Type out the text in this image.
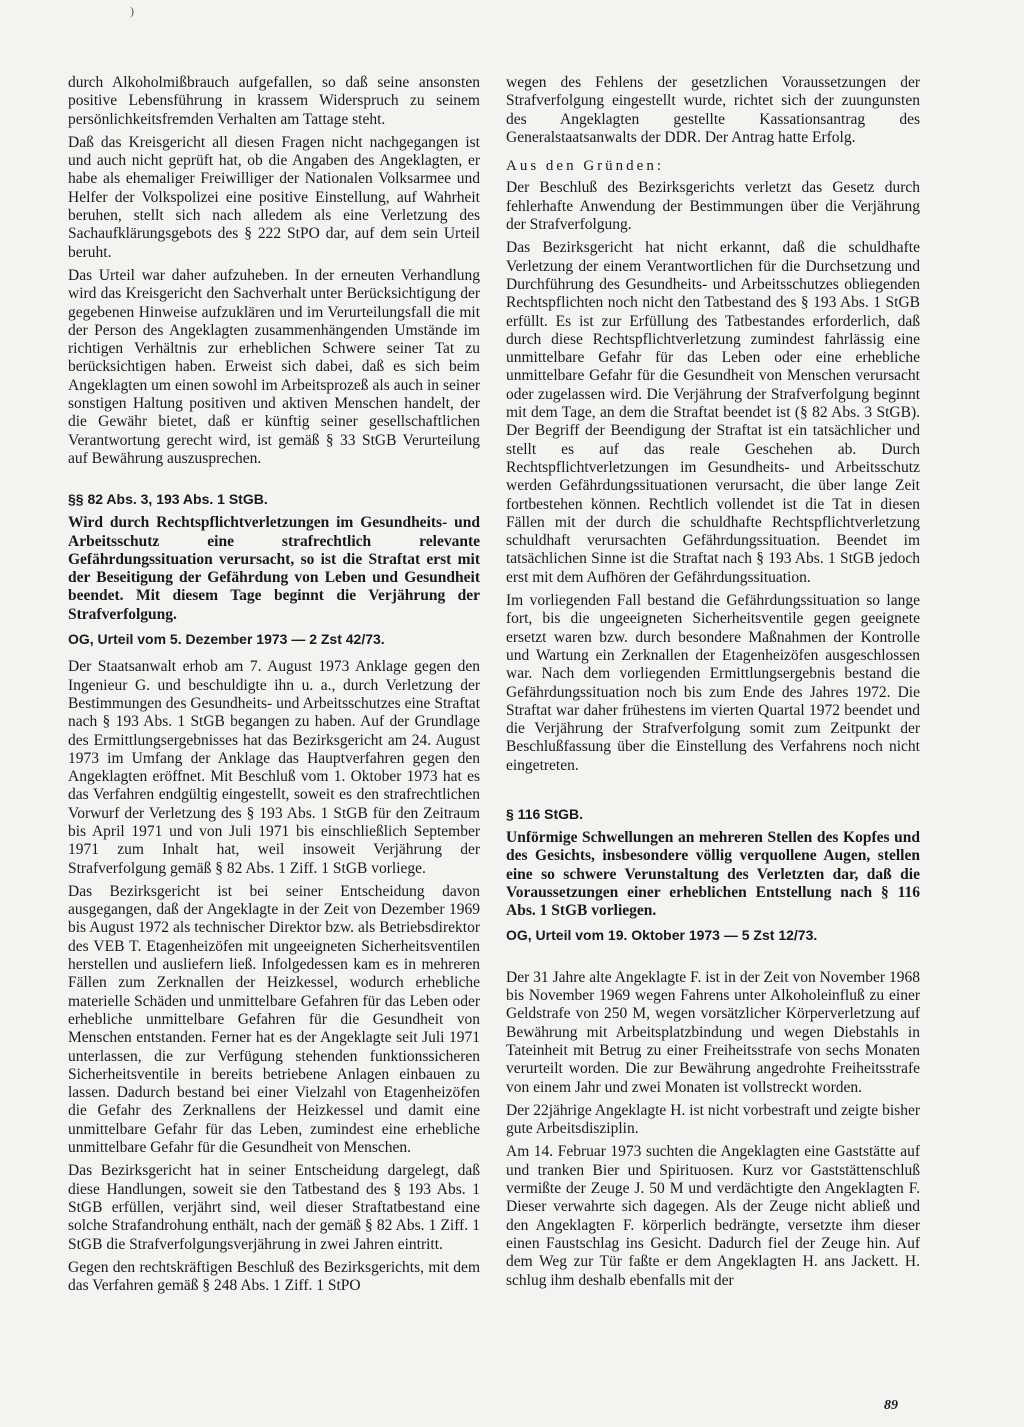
)

durch Alkoholmißbrauch aufgefallen, so daß seine ansonsten positive Lebensführung in krassem Widerspruch zu seinem persönlichkeitsfremden Verhalten am Tattage steht.

Daß das Kreisgericht all diesen Fragen nicht nachgegangen ist und auch nicht geprüft hat, ob die Angaben des Angeklagten, er habe als ehemaliger Freiwilliger der Nationalen Volksarmee und Helfer der Volkspolizei eine positive Einstellung, auf Wahrheit beruhen, stellt sich nach alledem als eine Verletzung des Sachaufklärungsgebots des § 222 StPO dar, auf dem sein Urteil beruht.

Das Urteil war daher aufzuheben. In der erneuten Verhandlung wird das Kreisgericht den Sachverhalt unter Berücksichtigung der gegebenen Hinweise aufzuklären und im Verurteilungsfall die mit der Person des Angeklagten zusammenhängenden Umstände im richtigen Verhältnis zur erheblichen Schwere seiner Tat zu berücksichtigen haben. Erweist sich dabei, daß es sich beim Angeklagten um einen sowohl im Arbeitsprozeß als auch in seiner sonstigen Haltung positiven und aktiven Menschen handelt, der die Gewähr bietet, daß er künftig seiner gesellschaftlichen Verantwortung gerecht wird, ist gemäß § 33 StGB Verurteilung auf Bewährung auszusprechen.

§§ 82 Abs. 3, 193 Abs. 1 StGB.

Wird durch Rechtspflichtverletzungen im Gesundheits- und Arbeitsschutz eine strafrechtlich relevante Gefährdungssituation verursacht, so ist die Straftat erst mit der Beseitigung der Gefährdung von Leben und Gesundheit beendet. Mit diesem Tage beginnt die Verjährung der Strafverfolgung.

OG, Urteil vom 5. Dezember 1973 — 2 Zst 42/73.

Der Staatsanwalt erhob am 7. August 1973 Anklage gegen den Ingenieur G. und beschuldigte ihn u. a., durch Verletzung der Bestimmungen des Gesundheits- und Arbeitsschutzes eine Straftat nach § 193 Abs. 1 StGB begangen zu haben. Auf der Grundlage des Ermittlungsergebnisses hat das Bezirksgericht am 24. August 1973 im Umfang der Anklage das Hauptverfahren gegen den Angeklagten eröffnet. Mit Beschluß vom 1. Oktober 1973 hat es das Verfahren endgültig eingestellt, soweit es den strafrechtlichen Vorwurf der Verletzung des § 193 Abs. 1 StGB für den Zeitraum bis April 1971 und von Juli 1971 bis einschließlich September 1971 zum Inhalt hat, weil insoweit Verjährung der Strafverfolgung gemäß § 82 Abs. 1 Ziff. 1 StGB vorliege.

Das Bezirksgericht ist bei seiner Entscheidung davon ausgegangen, daß der Angeklagte in der Zeit von Dezember 1969 bis August 1972 als technischer Direktor bzw. als Betriebsdirektor des VEB T. Etagenheizöfen mit ungeeigneten Sicherheitsventilen herstellen und ausliefern ließ. Infolgedessen kam es in mehreren Fällen zum Zerknallen der Heizkessel, wodurch erhebliche materielle Schäden und unmittelbare Gefahren für das Leben oder erhebliche unmittelbare Gefahren für die Gesundheit von Menschen entstanden. Ferner hat es der Angeklagte seit Juli 1971 unterlassen, die zur Verfügung stehenden funktionssicheren Sicherheitsventile in bereits betriebene Anlagen einbauen zu lassen. Dadurch bestand bei einer Vielzahl von Etagenheizöfen die Gefahr des Zerknallens der Heizkessel und damit eine unmittelbare Gefahr für das Leben, zumindest eine erhebliche unmittelbare Gefahr für die Gesundheit von Menschen.

Das Bezirksgericht hat in seiner Entscheidung dargelegt, daß diese Handlungen, soweit sie den Tatbestand des § 193 Abs. 1 StGB erfüllen, verjährt sind, weil dieser Straftatbestand eine solche Strafandrohung enthält, nach der gemäß § 82 Abs. 1 Ziff. 1 StGB die Strafverfolgungsverjährung in zwei Jahren eintritt.

Gegen den rechtskräftigen Beschluß des Bezirksgerichts, mit dem das Verfahren gemäß § 248 Abs. 1 Ziff. 1 StPO

wegen des Fehlens der gesetzlichen Voraussetzungen der Strafverfolgung eingestellt wurde, richtet sich der zuungunsten des Angeklagten gestellte Kassationsantrag des Generalstaatsanwalts der DDR. Der Antrag hatte Erfolg.

Aus den Gründen:

Der Beschluß des Bezirksgerichts verletzt das Gesetz durch fehlerhafte Anwendung der Bestimmungen über die Verjährung der Strafverfolgung.

Das Bezirksgericht hat nicht erkannt, daß die schuldhafte Verletzung der einem Verantwortlichen für die Durchsetzung und Durchführung des Gesundheits- und Arbeitsschutzes obliegenden Rechtspflichten noch nicht den Tatbestand des § 193 Abs. 1 StGB erfüllt. Es ist zur Erfüllung des Tatbestandes erforderlich, daß durch diese Rechtspflichtverletzung zumindest fahrlässig eine unmittelbare Gefahr für das Leben oder eine erhebliche unmittelbare Gefahr für die Gesundheit von Menschen verursacht oder zugelassen wird. Die Verjährung der Strafverfolgung beginnt mit dem Tage, an dem die Straftat beendet ist (§ 82 Abs. 3 StGB). Der Begriff der Beendigung der Straftat ist ein tatsächlicher und stellt es auf das reale Geschehen ab. Durch Rechtspflichtverletzungen im Gesundheits- und Arbeitsschutz werden Gefährdungssituationen verursacht, die über lange Zeit fortbestehen können. Rechtlich vollendet ist die Tat in diesen Fällen mit der durch die schuldhafte Rechtspflichtverletzung schuldhaft verursachten Gefährdungssituation. Beendet im tatsächlichen Sinne ist die Straftat nach § 193 Abs. 1 StGB jedoch erst mit dem Aufhören der Gefährdungssituation.

Im vorliegenden Fall bestand die Gefährdungssituation so lange fort, bis die ungeeigneten Sicherheitsventile gegen geeignete ersetzt waren bzw. durch besondere Maßnahmen der Kontrolle und Wartung ein Zerknallen der Etagenheizöfen ausgeschlossen war. Nach dem vorliegenden Ermittlungsergebnis bestand die Gefährdungssituation noch bis zum Ende des Jahres 1972. Die Straftat war daher frühestens im vierten Quartal 1972 beendet und die Verjährung der Strafverfolgung somit zum Zeitpunkt der Beschlußfassung über die Einstellung des Verfahrens noch nicht eingetreten.

§ 116 StGB.

Unförmige Schwellungen an mehreren Stellen des Kopfes und des Gesichts, insbesondere völlig verquollene Augen, stellen eine so schwere Verunstaltung des Verletzten dar, daß die Voraussetzungen einer erheblichen Entstellung nach § 116 Abs. 1 StGB vorliegen.

OG, Urteil vom 19. Oktober 1973 — 5 Zst 12/73.

Der 31 Jahre alte Angeklagte F. ist in der Zeit von November 1968 bis November 1969 wegen Fahrens unter Alkoholeinfluß zu einer Geldstrafe von 250 M, wegen vorsätzlicher Körperverletzung auf Bewährung mit Arbeitsplatzbindung und wegen Diebstahls in Tateinheit mit Betrug zu einer Freiheitsstrafe von sechs Monaten verurteilt worden. Die zur Bewährung angedrohte Freiheitsstrafe von einem Jahr und zwei Monaten ist vollstreckt worden.

Der 22jährige Angeklagte H. ist nicht vorbestraft und zeigte bisher gute Arbeitsdisziplin.

Am 14. Februar 1973 suchten die Angeklagten eine Gaststätte auf und tranken Bier und Spirituosen. Kurz vor Gaststättenschluß vermißte der Zeuge J. 50 M und verdächtigte den Angeklagten F. Dieser verwahrte sich dagegen. Als der Zeuge nicht abließ und den Angeklagten F. körperlich bedrängte, versetzte ihm dieser einen Faustschlag ins Gesicht. Dadurch fiel der Zeuge hin. Auf dem Weg zur Tür faßte er dem Angeklagten H. ans Jackett. H. schlug ihm deshalb ebenfalls mit der

89
